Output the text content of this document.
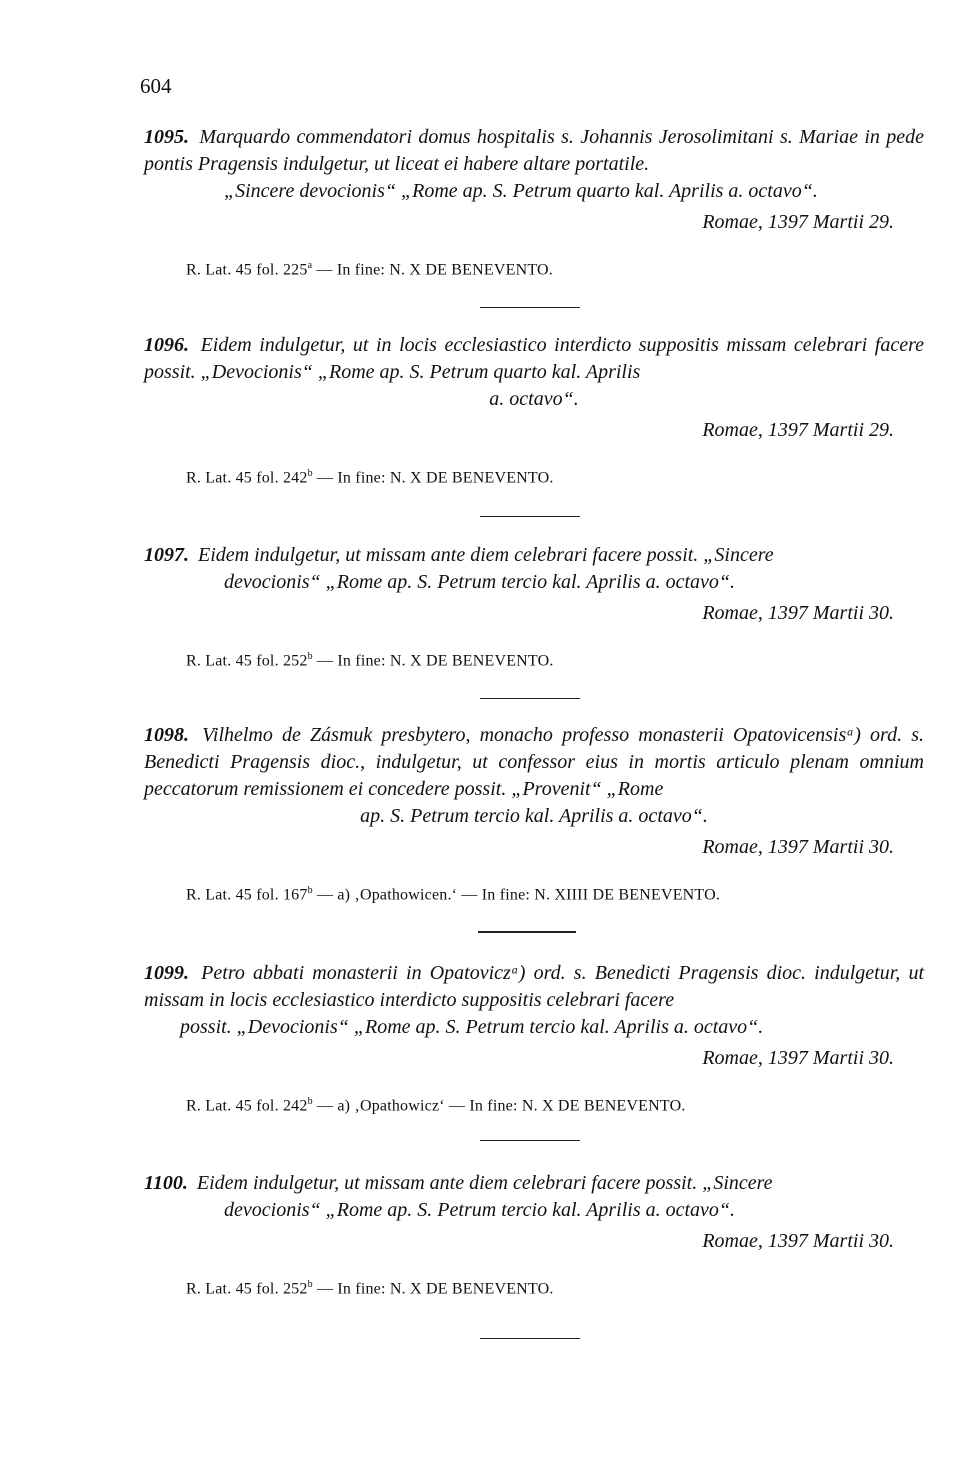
604
1095. Marquardo commendatori domus hospitalis s. Johannis Jerosolimitani s. Mariae in pede pontis Pragensis indulgetur, ut liceat ei habere altare portatile.
„Sincere devocionis“ „Rome ap. S. Petrum quarto kal. Aprilis a. octavo“.
Romae, 1397 Martii 29.
R. Lat. 45 fol. 225$^a$ — In fine: N. X DE BENEVENTO.
1096. Eidem indulgetur, ut in locis ecclesiastico interdicto suppositis missam celebrari facere possit. „Devocionis“ „Rome ap. S. Petrum quarto kal. Aprilis
a. octavo“.
Romae, 1397 Martii 29.
R. Lat. 45 fol. 242$^b$ — In fine: N. X DE BENEVENTO.
1097. Eidem indulgetur, ut missam ante diem celebrari facere possit. „Sincere
devocionis“ „Rome ap. S. Petrum tercio kal. Aprilis a. octavo“.
Romae, 1397 Martii 30.
R. Lat. 45 fol. 252$^b$ — In fine: N. X DE BENEVENTO.
1098. Vilhelmo de Zásmuk presbytero, monacho professo monasterii Opatovicensisᵃ) ord. s. Benedicti Pragensis dioc., indulgetur, ut confessor eius in mortis articulo plenam omnium peccatorum remissionem ei concedere possit. „Provenit“ „Rome
ap. S. Petrum tercio kal. Aprilis a. octavo“.
Romae, 1397 Martii 30.
R. Lat. 45 fol. 167$^b$ — a) ‚Opathowicen.‘ — In fine: N. XIIII DE BENEVENTO.
1099. Petro abbati monasterii in Opatoviczᵃ) ord. s. Benedicti Pragensis dioc. indulgetur, ut missam in locis ecclesiastico interdicto suppositis celebrari facere
possit. „Devocionis“ „Rome ap. S. Petrum tercio kal. Aprilis a. octavo“.
Romae, 1397 Martii 30.
R. Lat. 45 fol. 242$^b$ — a) ‚Opathowicz‘ — In fine: N. X DE BENEVENTO.
1100. Eidem indulgetur, ut missam ante diem celebrari facere possit. „Sincere
devocionis“ „Rome ap. S. Petrum tercio kal. Aprilis a. octavo“.
Romae, 1397 Martii 30.
R. Lat. 45 fol. 252$^b$ — In fine: N. X DE BENEVENTO.
